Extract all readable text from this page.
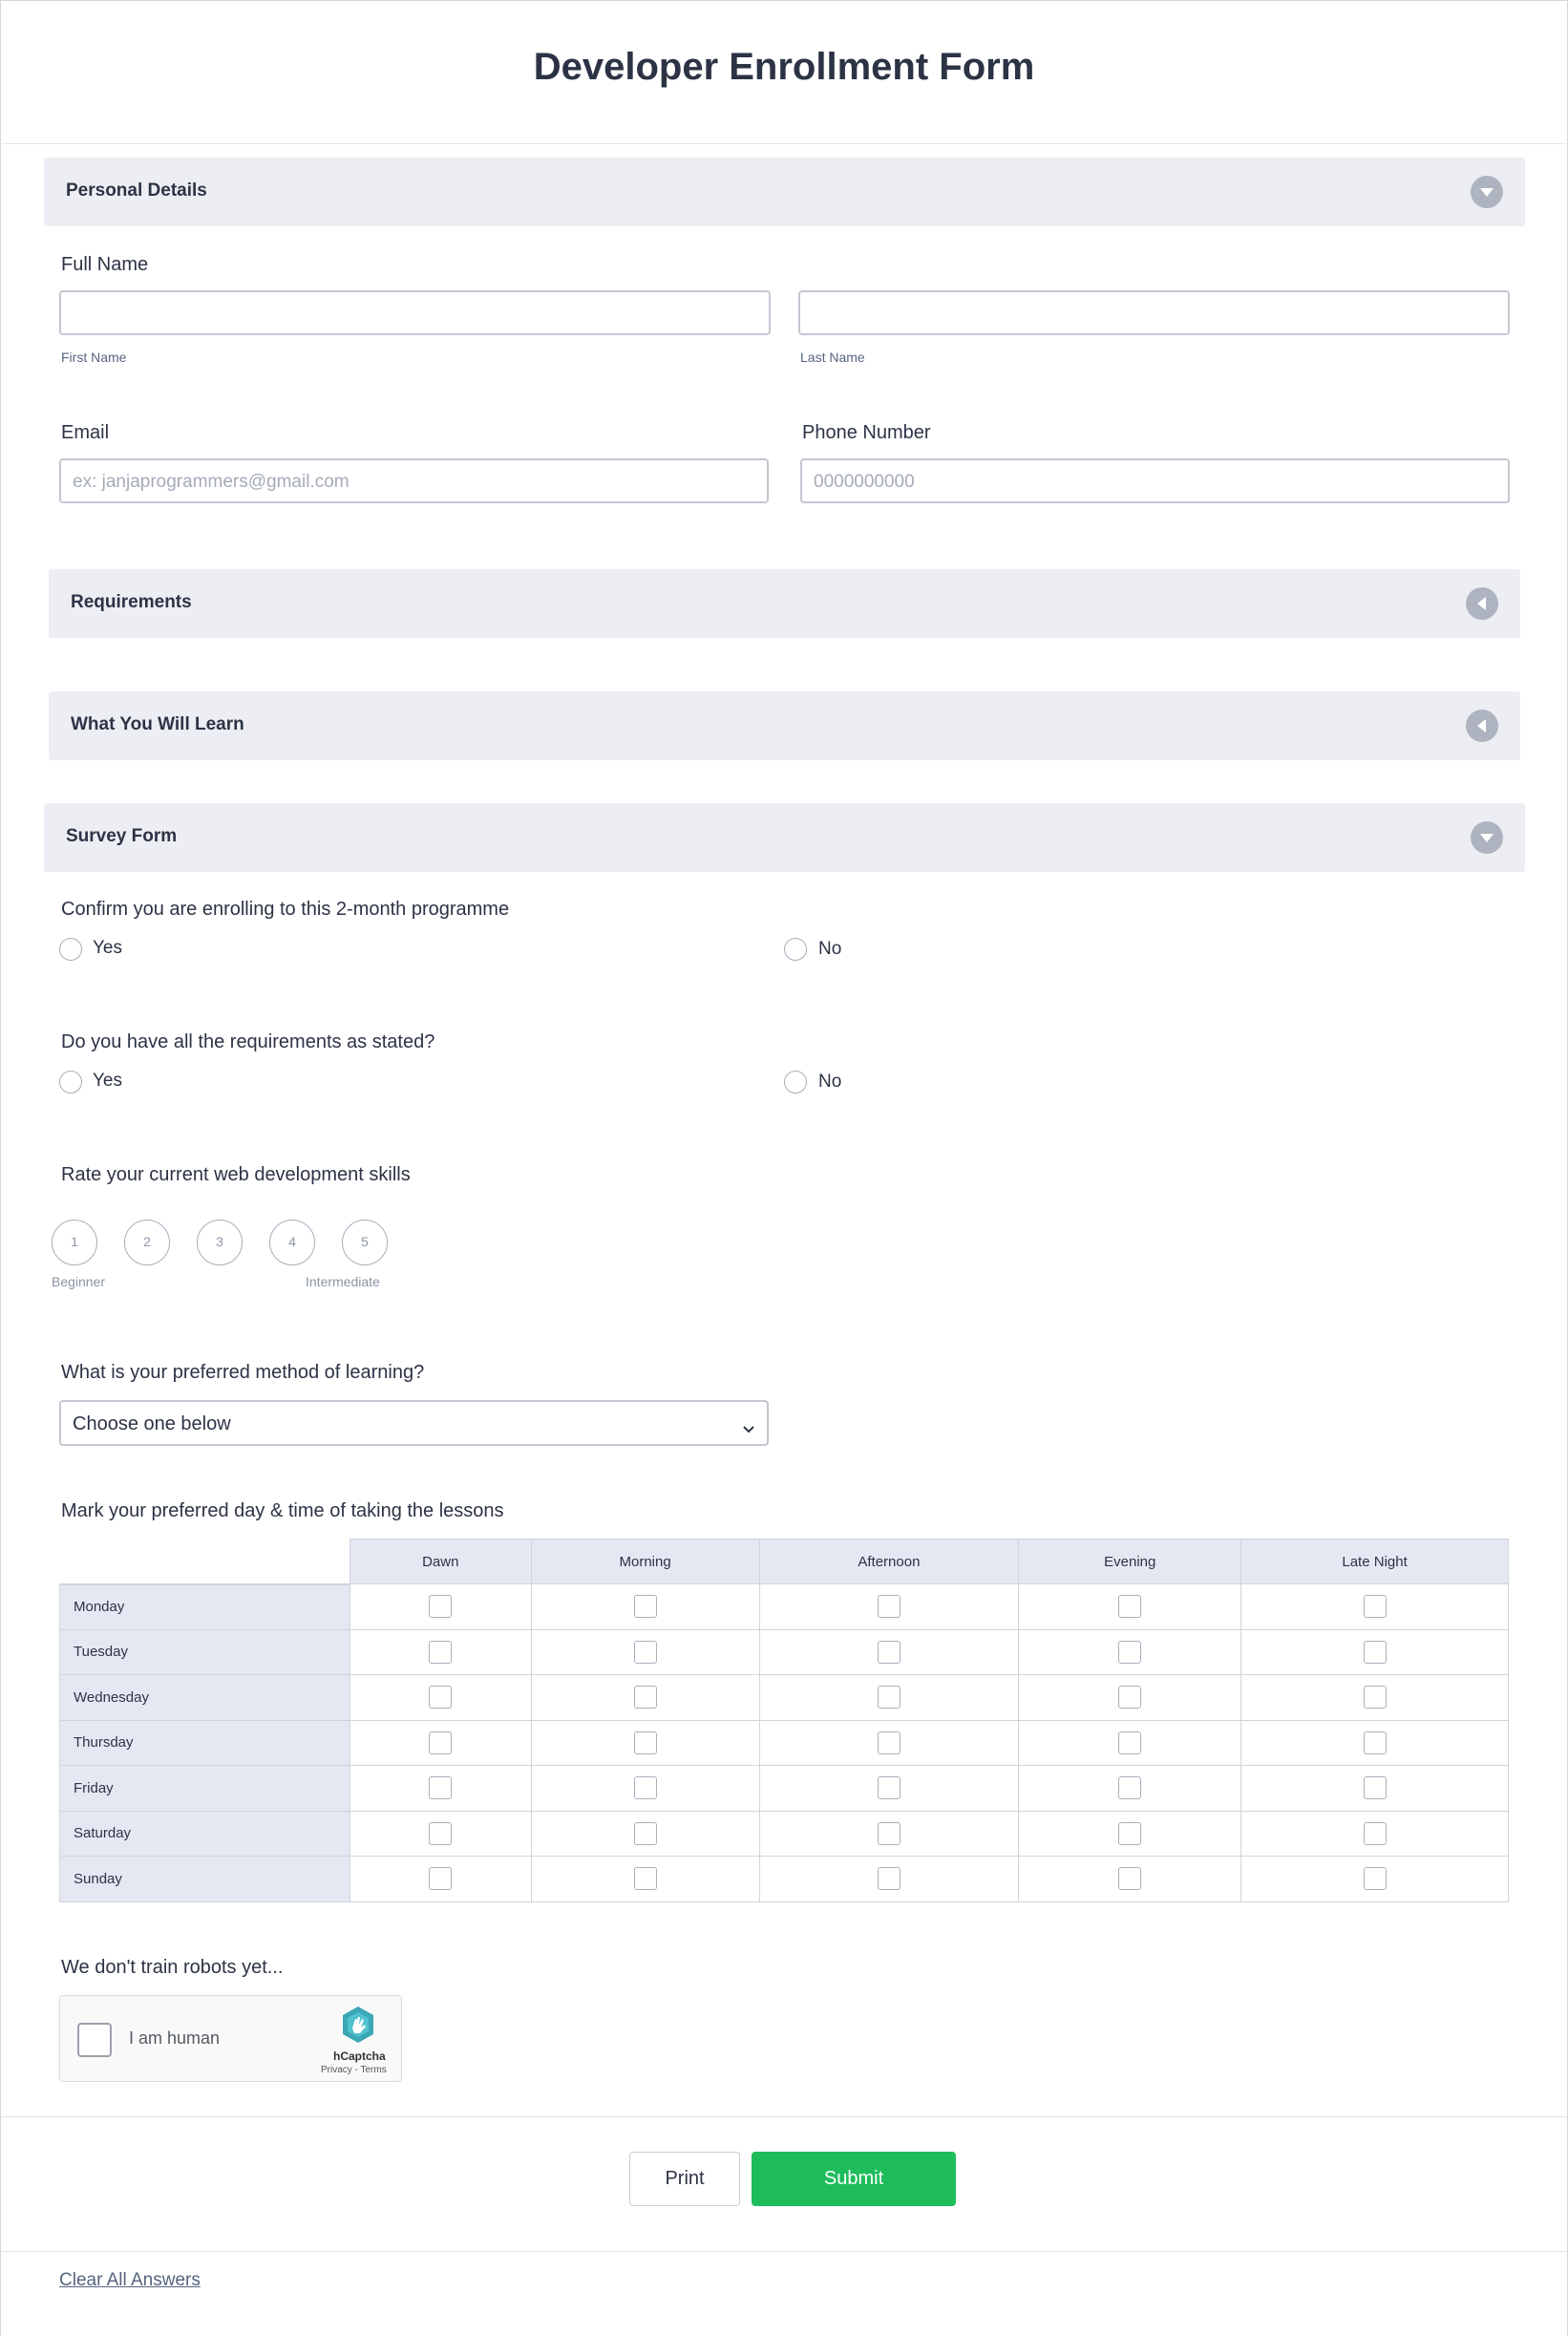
Developer Enrollment Form
Personal Details
Full Name
First Name	Last Name
Email
ex: janjaprogrammers@gmail.com
Phone Number
0000000000
Requirements
What You Will Learn
Survey Form
Confirm you are enrolling to this 2-month programme
Yes	No
Do you have all the requirements as stated?
Yes	No
Rate your current web development skills
1	2	3	4	5
Beginner	Intermediate
What is your preferred method of learning?
Choose one below
Mark your preferred day & time of taking the lessons
	Dawn	Morning	Afternoon	Evening	Late Night
Monday					
Tuesday					
Wednesday					
Thursday					
Friday					
Saturday					
Sunday					
We don't train robots yet...
I am human
hCaptcha
Privacy - Terms
Print	Submit
Clear All Answers
